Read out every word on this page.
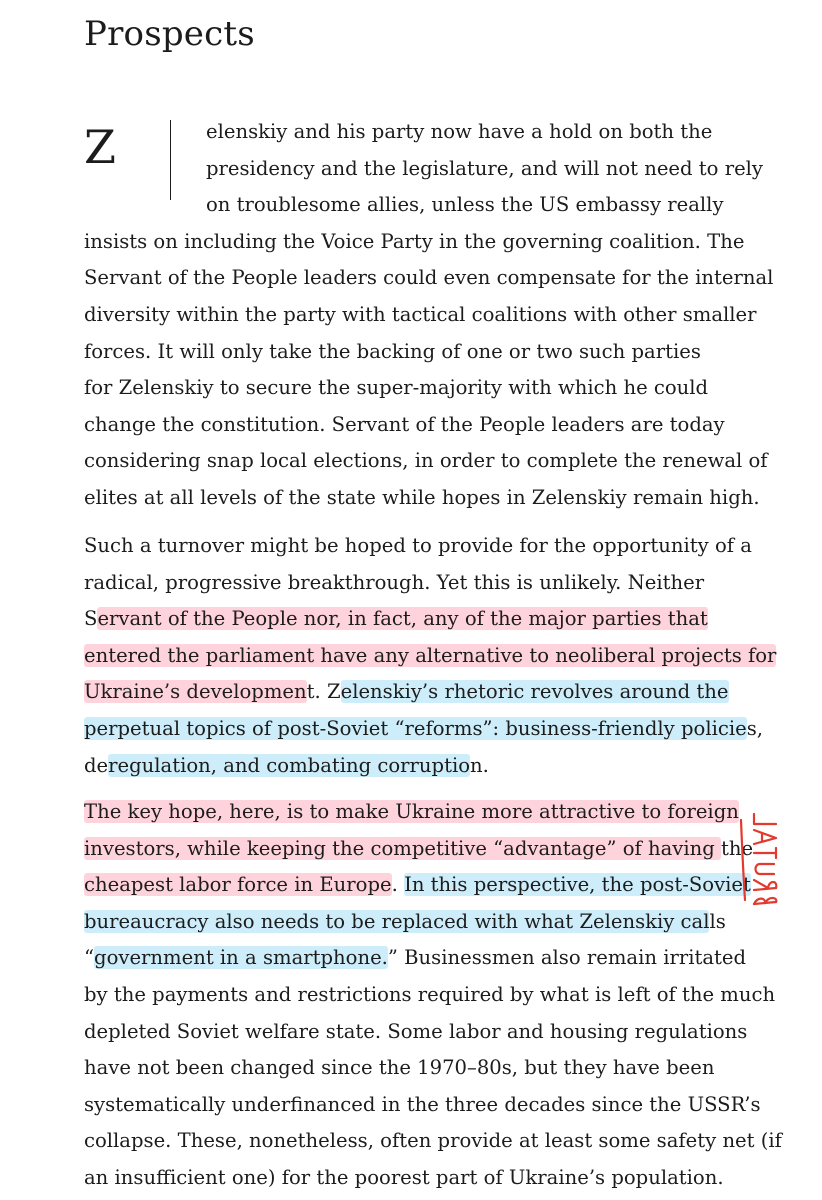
Prospects
Z	elenskiy and his party now have a hold on both the
presidency and the legislature, and will not need to rely
on troublesome allies, unless the US embassy really
insists on including the Voice Party in the governing coalition. The
Servant of the People leaders could even compensate for the internal
diversity within the party with tactical coalitions with other smaller
forces. It will only take the backing of one or two such parties
for Zelenskiy to secure the super-majority with which he could
change the constitution. Servant of the People leaders are today
considering snap local elections, in order to complete the renewal of
elites at all levels of the state while hopes in Zelenskiy remain high.
Such a turnover might be hoped to provide for the opportunity of a
radical, progressive breakthrough. Yet this is unlikely. Neither
Servant of the People nor, in fact, any of the major parties that
entered the parliament have any alternative to neoliberal projects for
Ukraine’s development. Zelenskiy’s rhetoric revolves around the
perpetual topics of post-Soviet “reforms”: business-friendly policies,
deregulation, and combating corruption.
The key hope, here, is to make Ukraine more attractive to foreign
investors, while keeping the competitive “advantage” of having the
cheapest labor force in Europe. In this perspective, the post-Soviet
bureaucracy also needs to be replaced with what Zelenskiy calls
“government in a smartphone.” Businessmen also remain irritated
by the payments and restrictions required by what is left of the much
depleted Soviet welfare state. Some labor and housing regulations
have not been changed since the 1970–80s, but they have been
systematically underfinanced in the three decades since the USSR’s
collapse. These, nonetheless, often provide at least some safety net (if
an insufficient one) for the poorest part of Ukraine’s population.
